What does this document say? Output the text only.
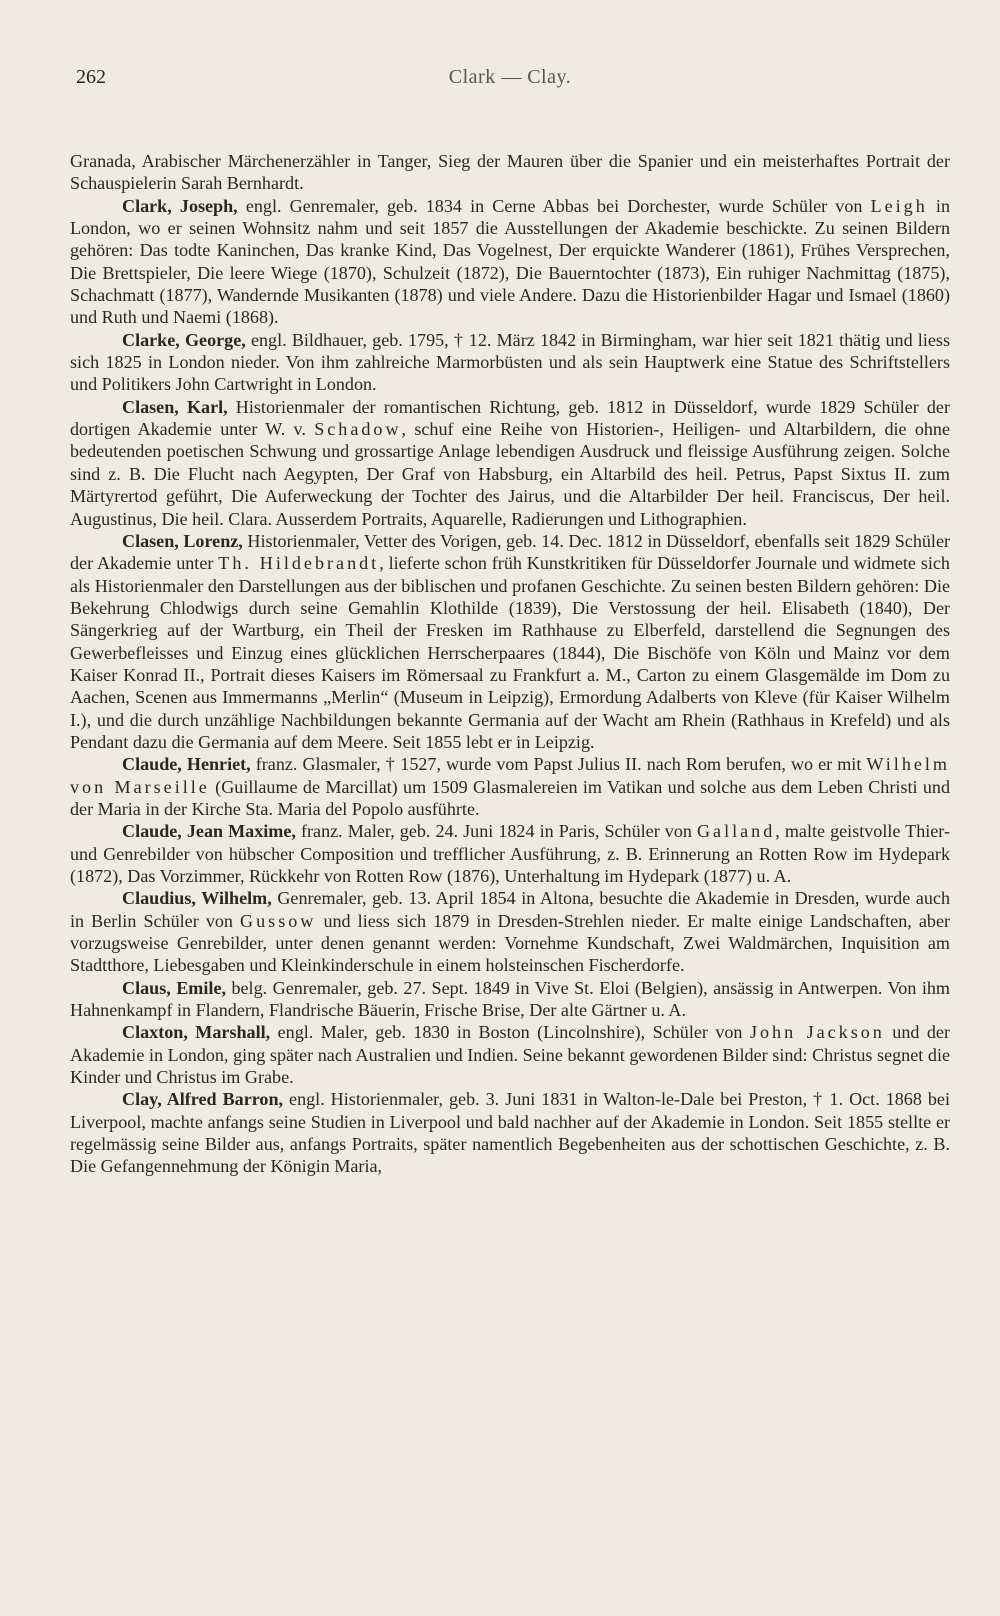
262	Clark — Clay.

Granada, Arabischer Märchenerzähler in Tanger, Sieg der Mauren über die Spanier und ein meisterhaftes Portrait der Schauspielerin Sarah Bernhardt.

Clark, Joseph, engl. Genremaler, geb. 1834 in Cerne Abbas bei Dorchester, wurde Schüler von Leigh in London, wo er seinen Wohnsitz nahm und seit 1857 die Ausstellungen der Akademie beschickte. Zu seinen Bildern gehören: Das todte Kaninchen, Das kranke Kind, Das Vogelnest, Der erquickte Wanderer (1861), Frühes Versprechen, Die Brettspieler, Die leere Wiege (1870), Schulzeit (1872), Die Bauerntochter (1873), Ein ruhiger Nachmittag (1875), Schachmatt (1877), Wandernde Musikanten (1878) und viele Andere. Dazu die Historienbilder Hagar und Ismael (1860) und Ruth und Naemi (1868).

Clarke, George, engl. Bildhauer, geb. 1795, † 12. März 1842 in Birmingham, war hier seit 1821 thätig und liess sich 1825 in London nieder. Von ihm zahlreiche Marmorbüsten und als sein Hauptwerk eine Statue des Schriftstellers und Politikers John Cartwright in London.

Clasen, Karl, Historienmaler der romantischen Richtung, geb. 1812 in Düsseldorf, wurde 1829 Schüler der dortigen Akademie unter W. v. Schadow, schuf eine Reihe von Historien-, Heiligen- und Altarbildern, die ohne bedeutenden poetischen Schwung und grossartige Anlage lebendigen Ausdruck und fleissige Ausführung zeigen. Solche sind z. B. Die Flucht nach Aegypten, Der Graf von Habsburg, ein Altarbild des heil. Petrus, Papst Sixtus II. zum Märtyrertod geführt, Die Auferweckung der Tochter des Jairus, und die Altarbilder Der heil. Franciscus, Der heil. Augustinus, Die heil. Clara. Ausserdem Portraits, Aquarelle, Radierungen und Lithographien.

Clasen, Lorenz, Historienmaler, Vetter des Vorigen, geb. 14. Dec. 1812 in Düsseldorf, ebenfalls seit 1829 Schüler der Akademie unter Th. Hildebrandt, lieferte schon früh Kunstkritiken für Düsseldorfer Journale und widmete sich als Historienmaler den Darstellungen aus der biblischen und profanen Geschichte. Zu seinen besten Bildern gehören: Die Bekehrung Chlodwigs durch seine Gemahlin Klothilde (1839), Die Verstossung der heil. Elisabeth (1840), Der Sängerkrieg auf der Wartburg, ein Theil der Fresken im Rathhause zu Elberfeld, darstellend die Segnungen des Gewerbefleisses und Einzug eines glücklichen Herrscherpaares (1844), Die Bischöfe von Köln und Mainz vor dem Kaiser Konrad II., Portrait dieses Kaisers im Römersaal zu Frankfurt a. M., Carton zu einem Glasgemälde im Dom zu Aachen, Scenen aus Immermanns „Merlin“ (Museum in Leipzig), Ermordung Adalberts von Kleve (für Kaiser Wilhelm I.), und die durch unzählige Nachbildungen bekannte Germania auf der Wacht am Rhein (Rathhaus in Krefeld) und als Pendant dazu die Germania auf dem Meere. Seit 1855 lebt er in Leipzig.

Claude, Henriet, franz. Glasmaler, † 1527, wurde vom Papst Julius II. nach Rom berufen, wo er mit Wilhelm von Marseille (Guillaume de Marcillat) um 1509 Glasmalereien im Vatikan und solche aus dem Leben Christi und der Maria in der Kirche Sta. Maria del Popolo ausführte.

Claude, Jean Maxime, franz. Maler, geb. 24. Juni 1824 in Paris, Schüler von Galland, malte geistvolle Thier- und Genrebilder von hübscher Composition und trefflicher Ausführung, z. B. Erinnerung an Rotten Row im Hydepark (1872), Das Vorzimmer, Rückkehr von Rotten Row (1876), Unterhaltung im Hydepark (1877) u. A.

Claudius, Wilhelm, Genremaler, geb. 13. April 1854 in Altona, besuchte die Akademie in Dresden, wurde auch in Berlin Schüler von Gussow und liess sich 1879 in Dresden-Strehlen nieder. Er malte einige Landschaften, aber vorzugsweise Genrebilder, unter denen genannt werden: Vornehme Kundschaft, Zwei Waldmärchen, Inquisition am Stadtthore, Liebesgaben und Kleinkinderschule in einem holsteinschen Fischerdorfe.

Claus, Emile, belg. Genremaler, geb. 27. Sept. 1849 in Vive St. Eloi (Belgien), ansässig in Antwerpen. Von ihm Hahnenkampf in Flandern, Flandrische Bäuerin, Frische Brise, Der alte Gärtner u. A.

Claxton, Marshall, engl. Maler, geb. 1830 in Boston (Lincolnshire), Schüler von John Jackson und der Akademie in London, ging später nach Australien und Indien. Seine bekannt gewordenen Bilder sind: Christus segnet die Kinder und Christus im Grabe.

Clay, Alfred Barron, engl. Historienmaler, geb. 3. Juni 1831 in Walton-le-Dale bei Preston, † 1. Oct. 1868 bei Liverpool, machte anfangs seine Studien in Liverpool und bald nachher auf der Akademie in London. Seit 1855 stellte er regelmässig seine Bilder aus, anfangs Portraits, später namentlich Begebenheiten aus der schottischen Geschichte, z. B. Die Gefangennehmung der Königin Maria,
